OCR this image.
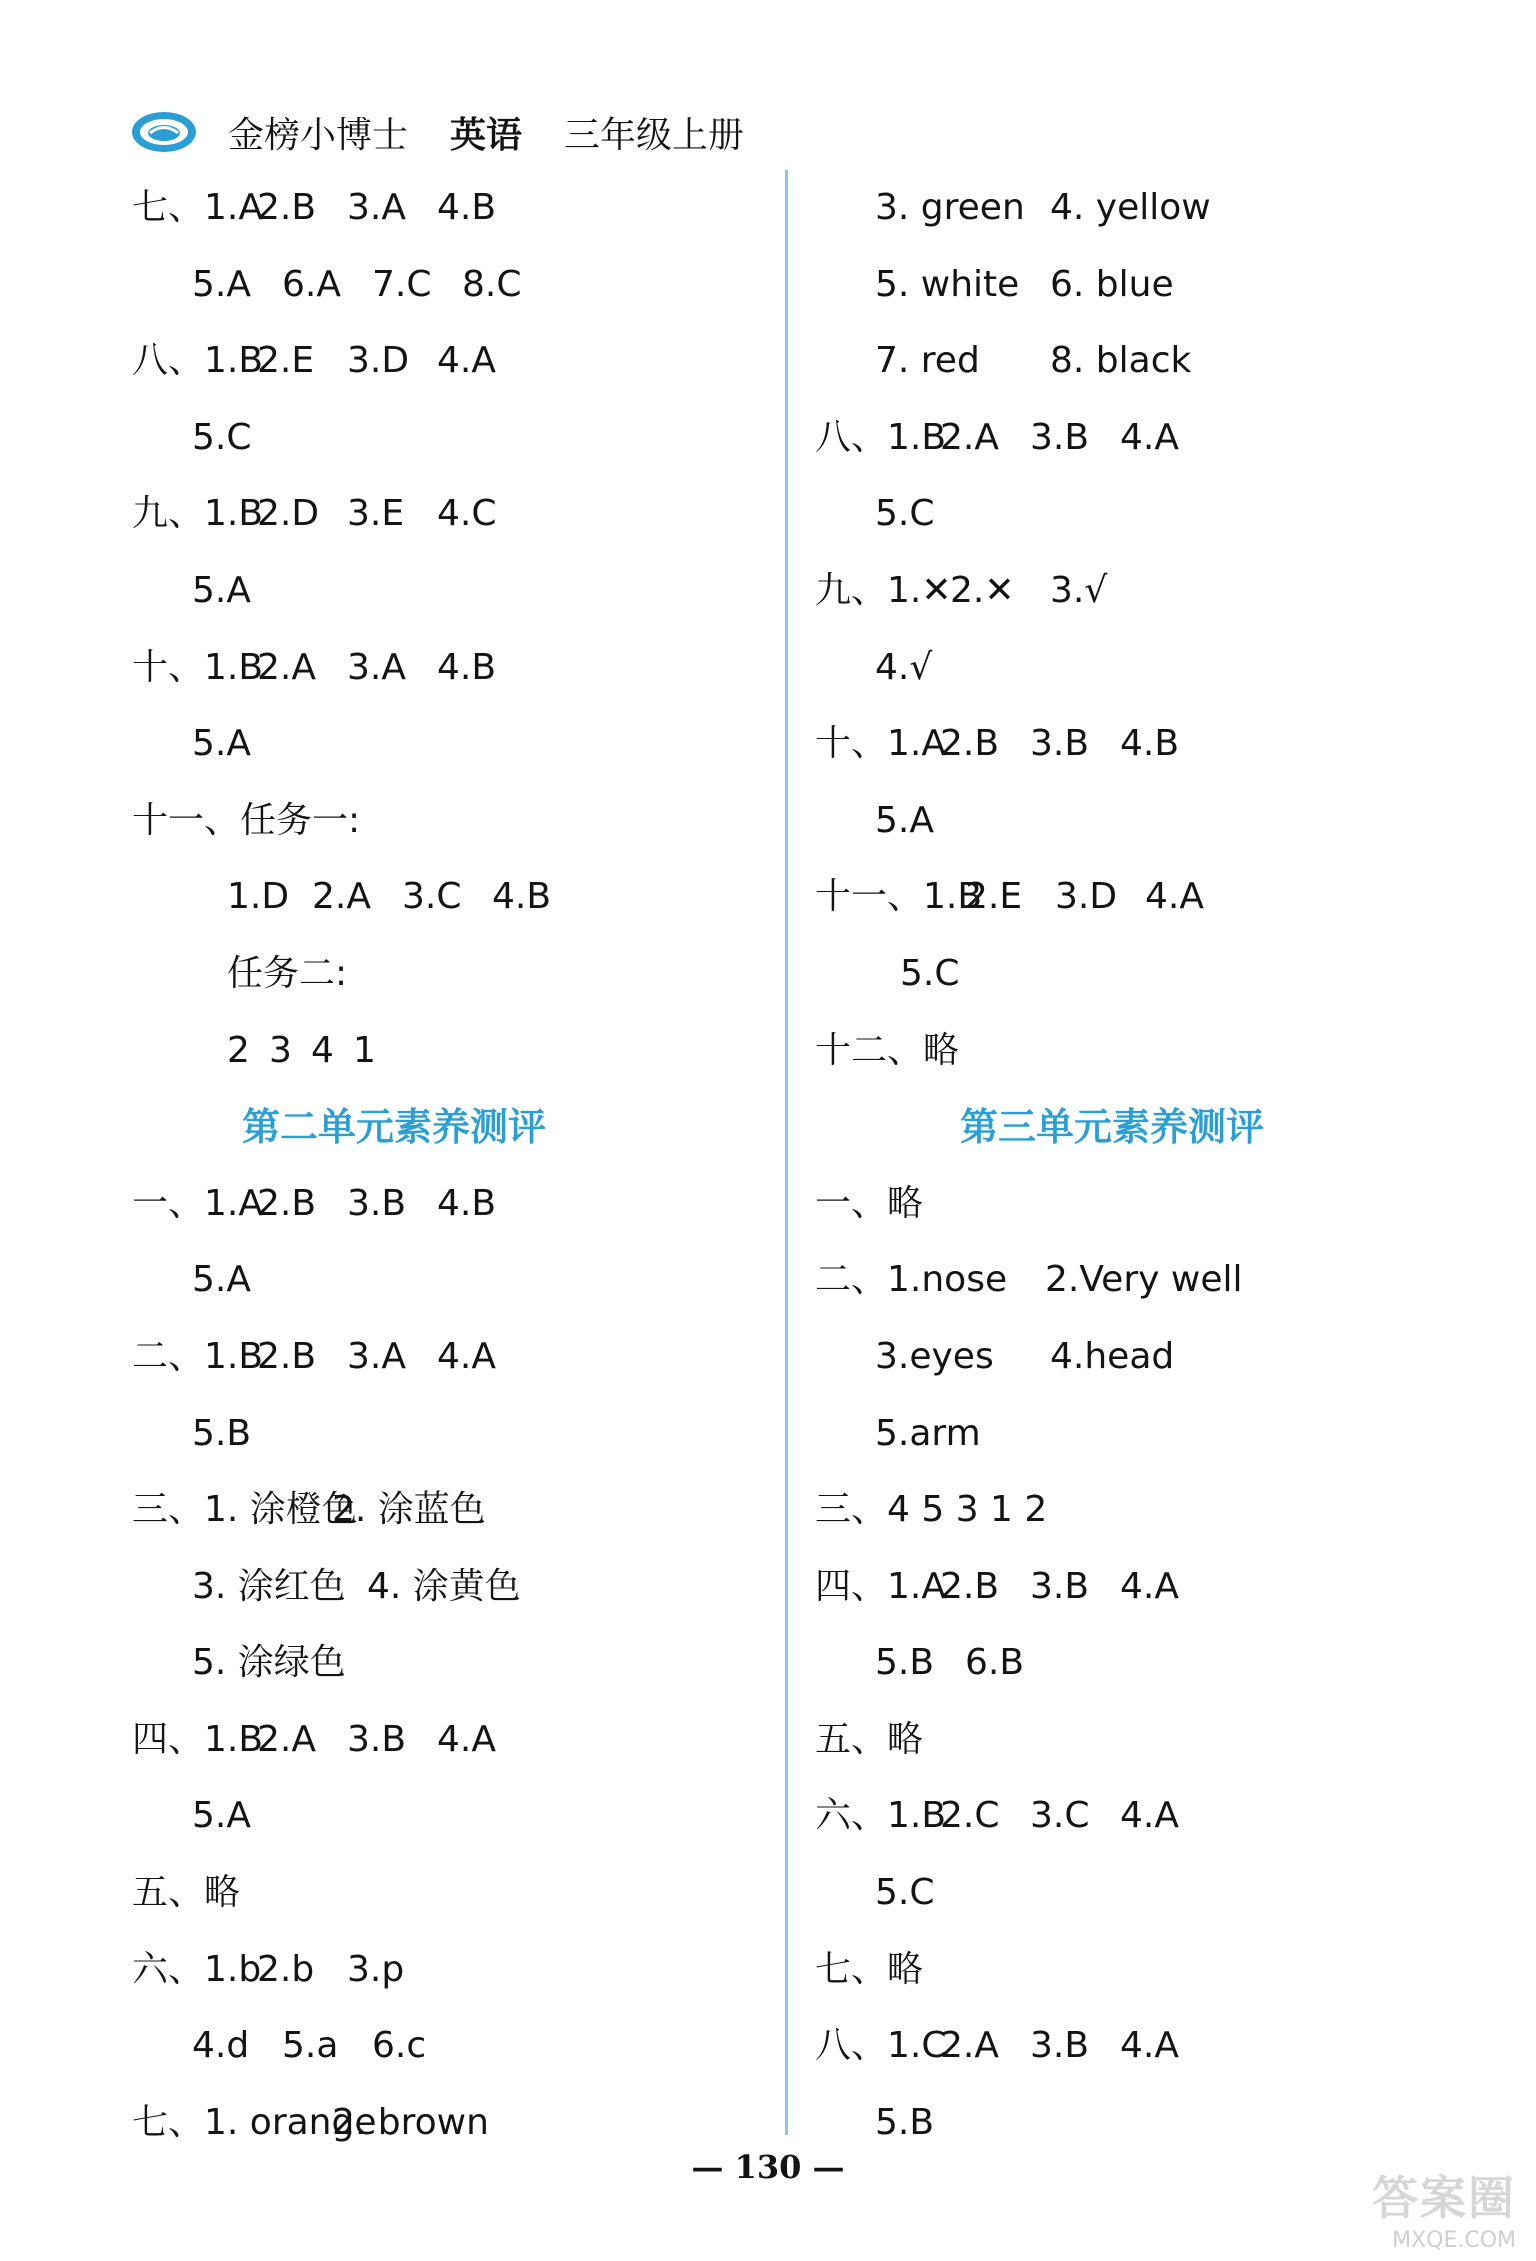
金榜小博士 英语 三年级上册
七、1.A
2.B 3.A 4.B
5.A 6.A 7.C 8.C
八、1.B
2.E 3.D 4.A
5.C
九、1.B
2.D 3.E 4.C
5.A
十、1.B
2.A 3.A 4.B
5.A
十一、任务一:
1.D 2.A 3.C 4.B
任务二:
2 3 4 1
第二单元素养测评
一、1.A
2.B 3.B 4.B
5.A
二、1.B
2.B 3.A 4.A
5.B
三、1. 涂橙色
2. 涂蓝色
3. 涂红色 4. 涂黄色
5. 涂绿色
四、1.B
2.A 3.B 4.A
5.A
五、略
六、1.b
2.b 3.p
4.d 5.a 6.c
七、1. orange
2. brown
3. green 4. yellow
5. white 6. blue
7. red 8. black
八、1.B
2.A 3.B 4.A
5.C
九、1.✕
2.✕ 3.√
4.√
十、1.A
2.B 3.B 4.B
5.A
十一、1.B
2.E 3.D 4.A
5.C
十二、略
第三单元素养测评
一、略
二、1.nose 2.Very well
3.eyes 4.head
5.arm
三、4 5 3 1 2
四、1.A
2.B 3.B 4.A
5.B 6.B
五、略
六、1.B
2.C 3.C 4.A
5.C
七、略
八、1.C
2.A 3.B 4.A
5.B
— 130 —
答案圈
MXQE.COM
